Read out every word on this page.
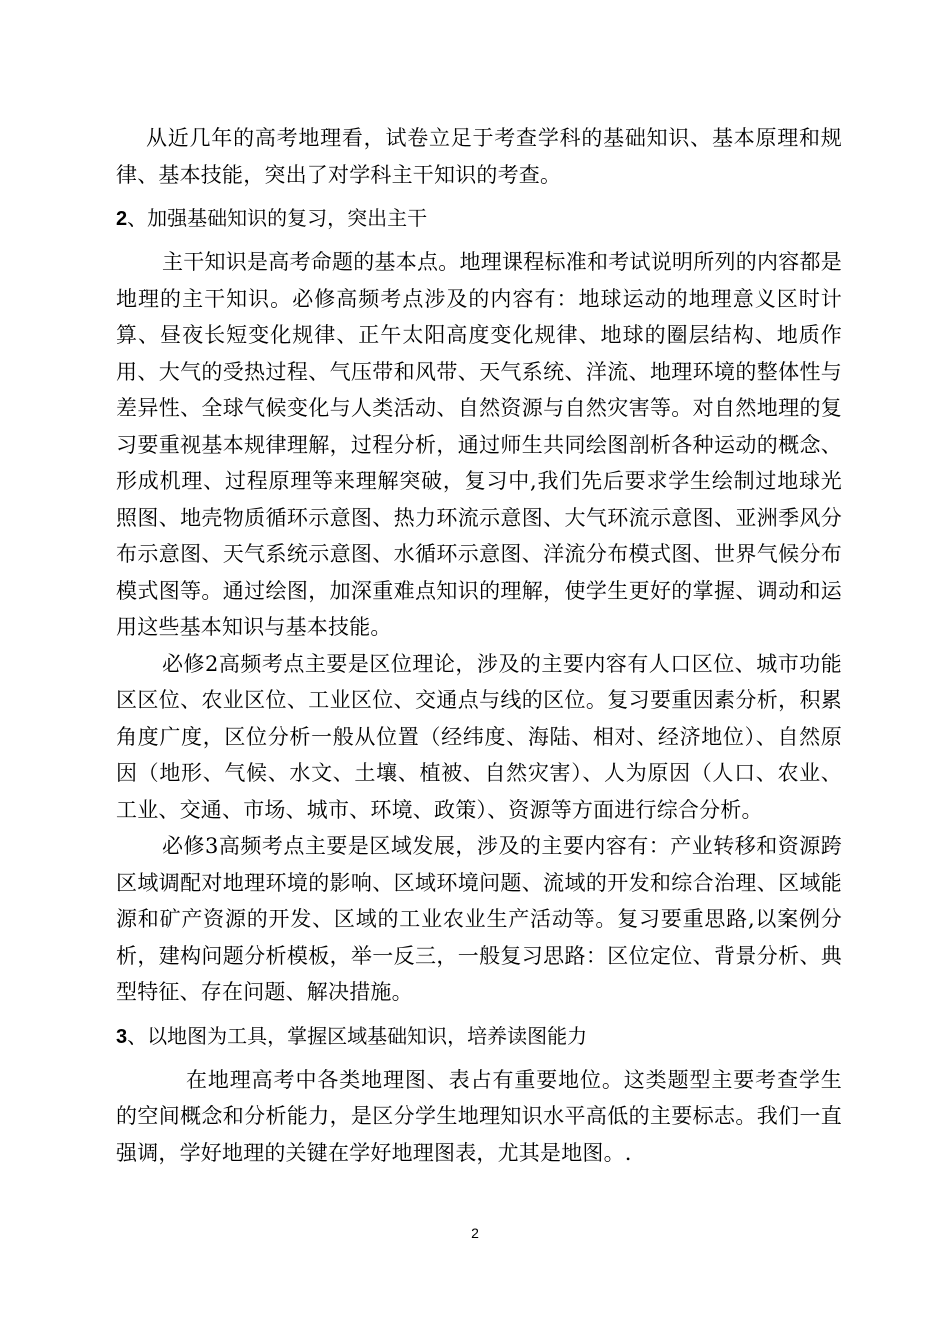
从近几年的高考地理看，试卷立足于考查学科的基础知识、基本原理和规律、基本技能，突出了对学科主干知识的考查。

2、加强基础知识的复习，突出主干

主干知识是高考命题的基本点。地理课程标准和考试说明所列的内容都是地理的主干知识。必修高频考点涉及的内容有：地球运动的地理意义区时计算、昼夜长短变化规律、正午太阳高度变化规律、地球的圈层结构、地质作用、大气的受热过程、气压带和风带、天气系统、洋流、地理环境的整体性与差异性、全球气候变化与人类活动、自然资源与自然灾害等。对自然地理的复习要重视基本规律理解，过程分析，通过师生共同绘图剖析各种运动的概念、形成机理、过程原理等来理解突破，复习中,我们先后要求学生绘制过地球光照图、地壳物质循环示意图、热力环流示意图、大气环流示意图、亚洲季风分布示意图、天气系统示意图、水循环示意图、洋流分布模式图、世界气候分布模式图等。通过绘图，加深重难点知识的理解，使学生更好的掌握、调动和运用这些基本知识与基本技能。

必修2高频考点主要是区位理论，涉及的主要内容有人口区位、城市功能区区位、农业区位、工业区位、交通点与线的区位。复习要重因素分析，积累角度广度，区位分析一般从位置（经纬度、海陆、相对、经济地位）、自然原因（地形、气候、水文、土壤、植被、自然灾害）、人为原因（人口、农业、工业、交通、市场、城市、环境、政策）、资源等方面进行综合分析。

必修3高频考点主要是区域发展，涉及的主要内容有：产业转移和资源跨区域调配对地理环境的影响、区域环境问题、流域的开发和综合治理、区域能源和矿产资源的开发、区域的工业农业生产活动等。复习要重思路,以案例分析，建构问题分析模板，举一反三，一般复习思路：区位定位、背景分析、典型特征、存在问题、解决措施。

3、以地图为工具，掌握区域基础知识，培养读图能力

在地理高考中各类地理图、表占有重要地位。这类题型主要考查学生的空间概念和分析能力，是区分学生地理知识水平高低的主要标志。我们一直强调，学好地理的关键在学好地理图表，尤其是地图。.

2
